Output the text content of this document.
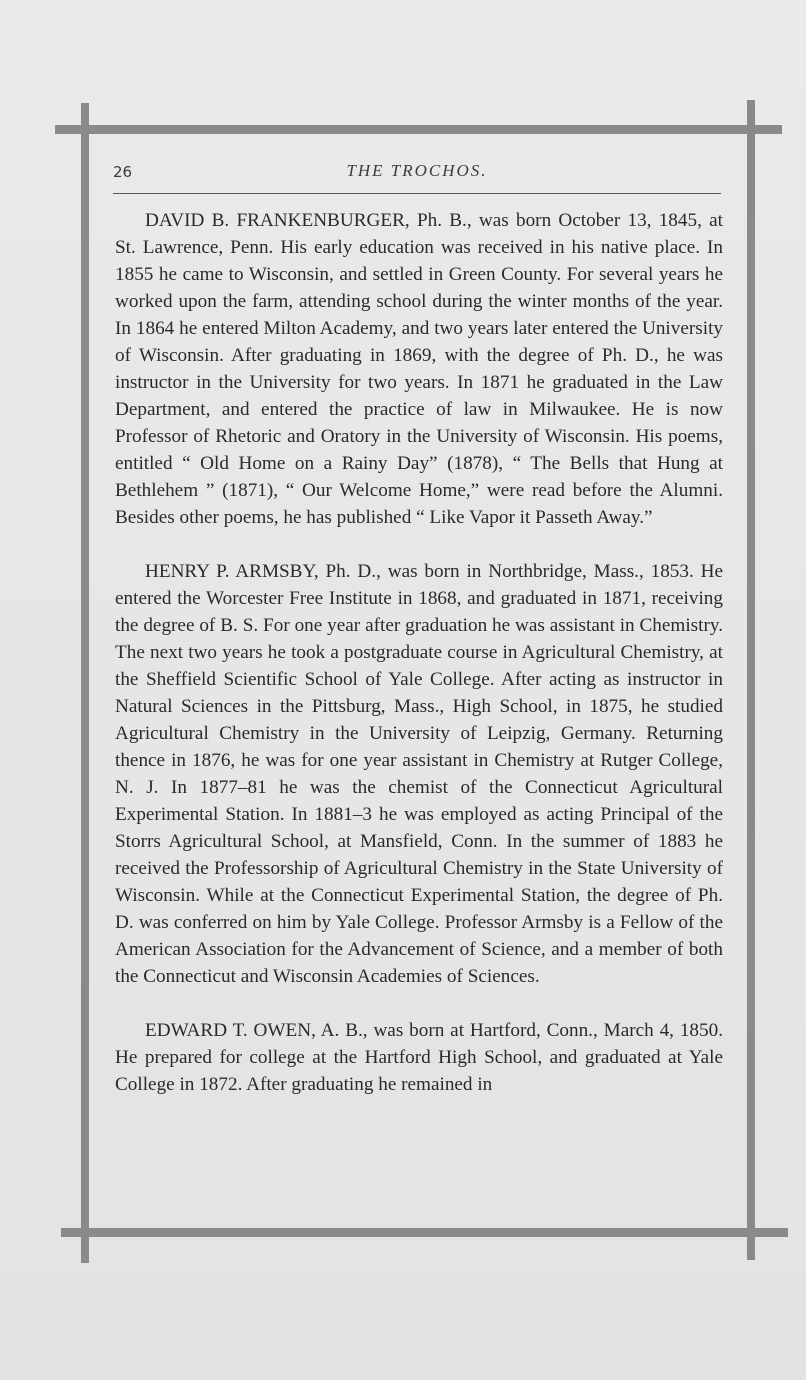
26	THE TROCHOS.

DAVID B. FRANKENBURGER, Ph. B., was born October 13, 1845, at St. Lawrence, Penn. His early education was received in his native place. In 1855 he came to Wisconsin, and settled in Green County. For several years he worked upon the farm, attending school during the winter months of the year. In 1864 he entered Milton Academy, and two years later entered the University of Wisconsin. After graduating in 1869, with the degree of Ph. D., he was instructor in the University for two years. In 1871 he graduated in the Law Department, and entered the practice of law in Milwaukee. He is now Professor of Rhetoric and Oratory in the University of Wisconsin. His poems, entitled “ Old Home on a Rainy Day” (1878), “ The Bells that Hung at Bethlehem ” (1871), “ Our Welcome Home,” were read before the Alumni. Besides other poems, he has published “ Like Vapor it Passeth Away.”

HENRY P. ARMSBY, Ph. D., was born in Northbridge, Mass., 1853. He entered the Worcester Free Institute in 1868, and graduated in 1871, receiving the degree of B. S. For one year after graduation he was assistant in Chemistry. The next two years he took a postgraduate course in Agricultural Chemistry, at the Sheffield Scientific School of Yale College. After acting as instructor in Natural Sciences in the Pittsburg, Mass., High School, in 1875, he studied Agricultural Chemistry in the University of Leipzig, Germany. Returning thence in 1876, he was for one year assistant in Chemistry at Rutger College, N. J. In 1877–81 he was the chemist of the Connecticut Agricultural Experimental Station. In 1881–3 he was employed as acting Principal of the Storrs Agricultural School, at Mansfield, Conn. In the summer of 1883 he received the Professorship of Agricultural Chemistry in the State University of Wisconsin. While at the Connecticut Experimental Station, the degree of Ph. D. was conferred on him by Yale College. Professor Armsby is a Fellow of the American Association for the Advancement of Science, and a member of both the Connecticut and Wisconsin Academies of Sciences.

EDWARD T. OWEN, A. B., was born at Hartford, Conn., March 4, 1850. He prepared for college at the Hartford High School, and graduated at Yale College in 1872. After graduating he remained in
